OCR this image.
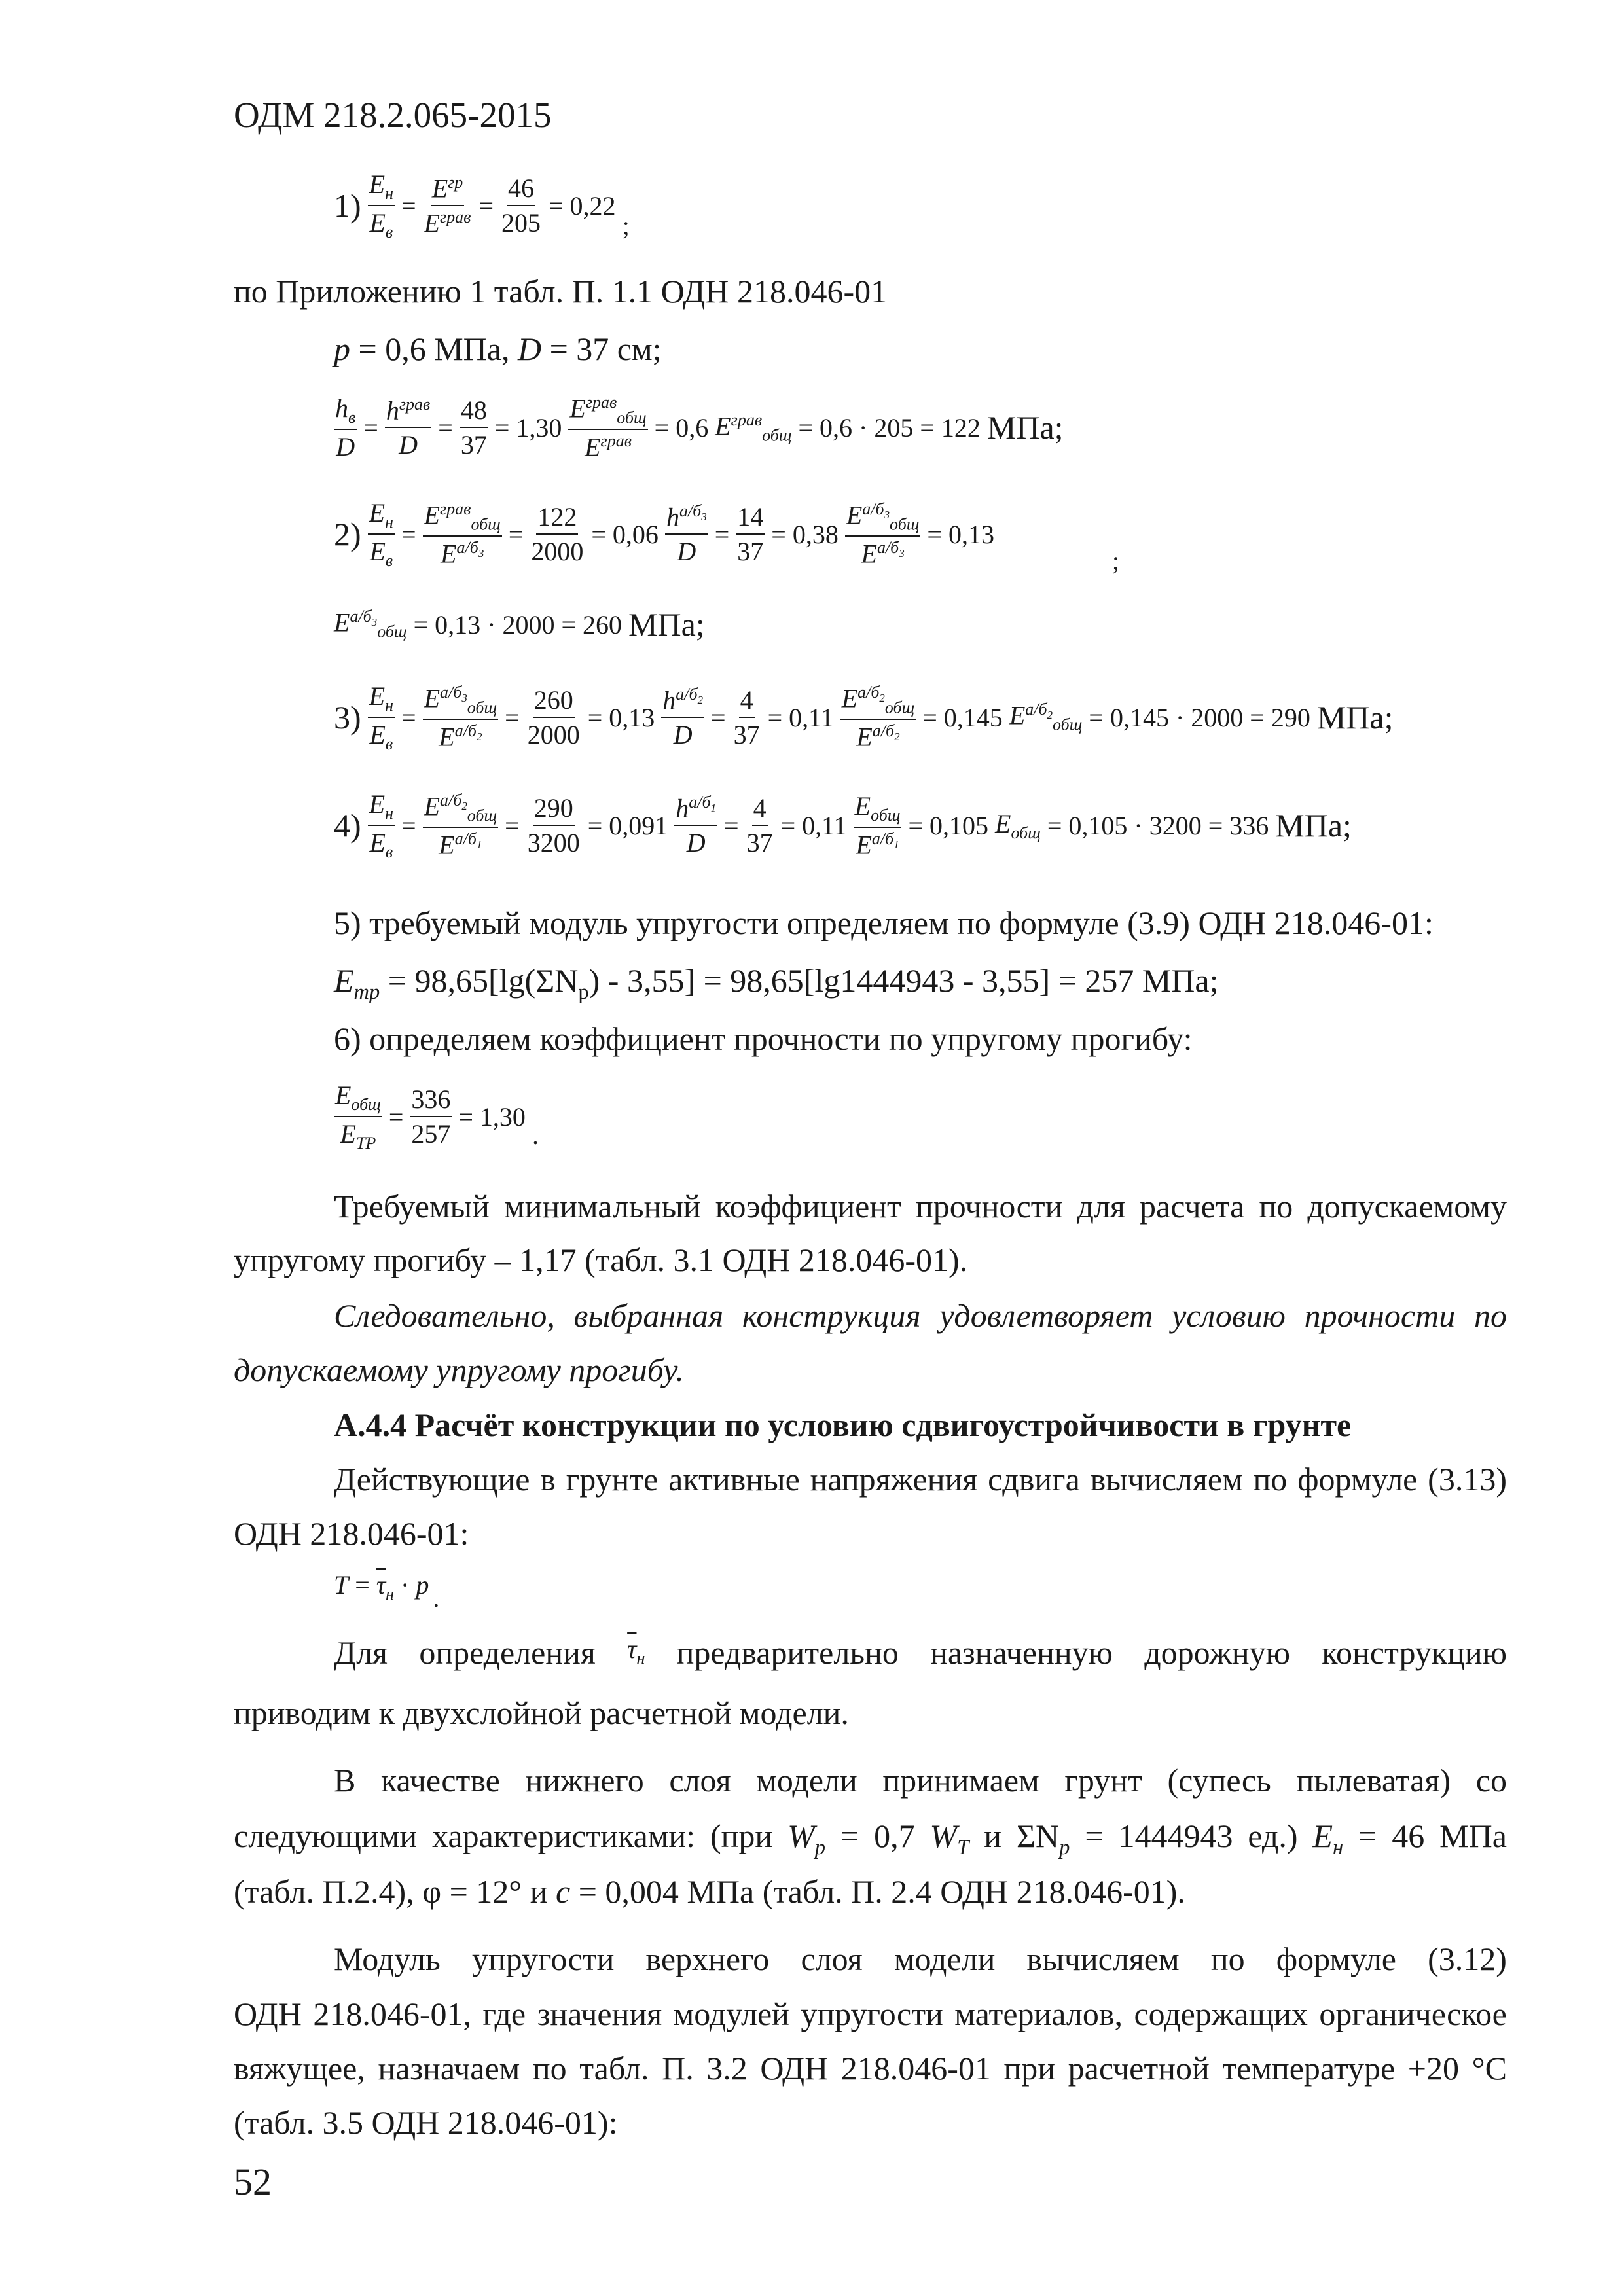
ОДМ 218.2.065-2015
1)
$E_н$
$E_в$
=
$E^{гр}$
$E^{грав} = \frac{46}{205} = 0,22$
;
по Приложению 1 табл. П. 1.1 ОДН 218.046-01
p = 0,6 МПа, D = 37 см;
$h_в$
D
=
$h^{грав}$
D
= $\frac{48}{37} = 1,30$
$E^{грав}_{общ}$
$E^{грав} = 0,6$ $E^{грав}_{общ} = 0,6 \cdot 205 = 122$ МПа;
2)
$E_н$
$E_в$
=
$E^{грав}_{общ}$
$E^{а/б_3}$
= $\frac{122}{2000} = 0,06$
$h^{а/б_3}$
D
= $\frac{14}{37} = 0,38$
$E^{а/б_3}_{общ}$
$E^{а/б_3}$
= 0,13
;
$E^{а/б_3}_{общ} = 0,13 \cdot 2000 = 260$ МПа;
3)
$E_н$
$E_в$
=
$E^{а/б_3}_{общ}$
$E^{а/б_2}$
= $\frac{260}{2000} = 0,13$
$h^{а/б_2}$
D
= $\frac{4}{37} = 0,11$
$E^{а/б_2}_{общ}$
$E^{а/б_2}$
= 0,145 $E^{а/б_2}_{общ} = 0,145 \cdot 2000 = 290$ МПа;
4)
$E_н$
$E_в$
=
$E^{а/б_2}_{общ}$
$E^{а/б_1}$
= $\frac{290}{3200} = 0,091$
$h^{а/б_1}$
D
= $\frac{4}{37} = 0,11$
$E_{общ}$
$E^{а/б_1}$
= 0,105 $E_{общ} = 0,105 \cdot 3200 = 336$ МПа;
5) требуемый модуль упругости определяем по формуле (3.9) ОДН 218.046-01:
$E_{тр} = 98,65[\lg(\Sigma N_р) - 3,55] = 98,65[\lg 1444943 - 3,55] = 257$ МПа;
6) определяем коэффициент прочности по упругому прогибу:
$E_{общ}$
$E_{ТР}$
= $\frac{336}{257} = 1,30$
.
Требуемый минимальный коэффициент прочности для расчета по допускаемому
упругому прогибу – 1,17 (табл. 3.1 ОДН 218.046-01).
Следовательно, выбранная конструкция удовлетворяет условию прочности по
допускаемому упругому прогибу.
А.4.4 Расчёт конструкции по условию сдвигоустройчивости в грунте
Действующие в грунте активные напряжения сдвига вычисляем по формуле (3.13)
ОДН 218.046-01:
$T = \overline{\tau}_н \cdot p$ .
Для определения $\overline{\tau}_н$ предварительно назначенную дорожную конструкцию
приводим к двухслойной расчетной модели.
В качестве нижнего слоя модели принимаем грунт (супесь пылеватая) со
следующими характеристиками: (при $W_р = 0,7$ $W_Т$ и $\Sigma N_р = 1444943$ ед.) $E_н = 46$ МПа
(табл. П.2.4), φ = 12° и c = 0,004 МПа (табл. П. 2.4 ОДН 218.046-01).
Модуль упругости верхнего слоя модели вычисляем по формуле (3.12)
ОДН 218.046-01, где значения модулей упругости материалов, содержащих органическое
вяжущее, назначаем по табл. П. 3.2 ОДН 218.046-01 при расчетной температуре +20 °С
(табл. 3.5 ОДН 218.046-01):
52
